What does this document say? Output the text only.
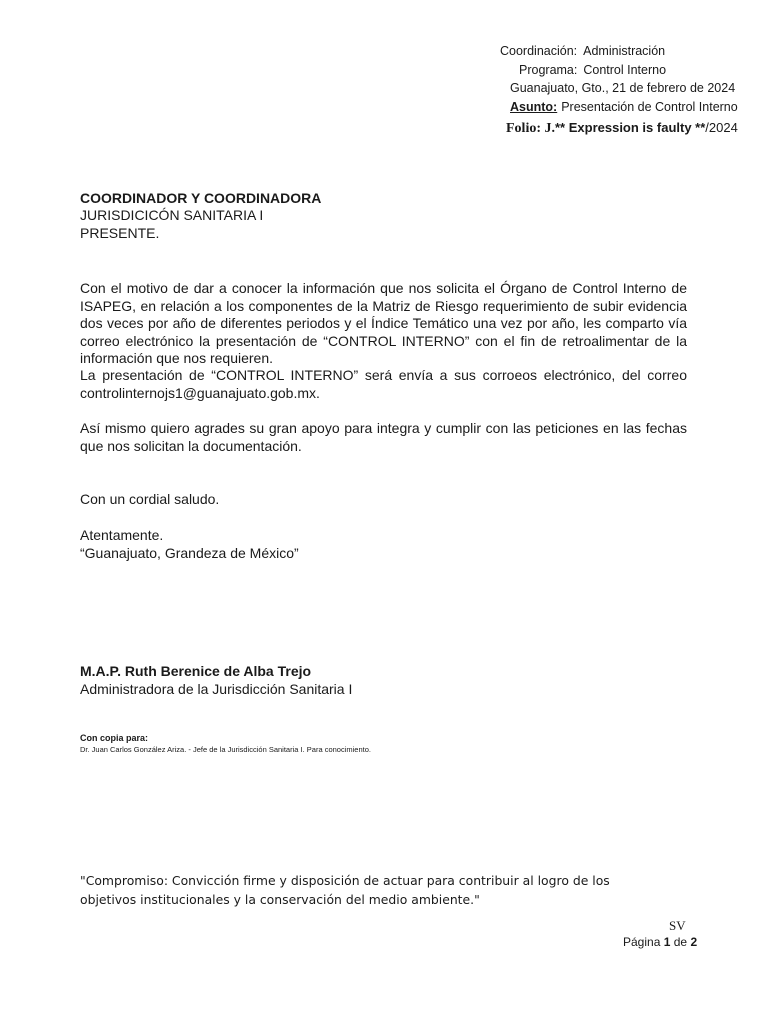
Coordinación: Administración
Programa: Control Interno
Guanajuato, Gto., 21 de febrero de 2024
Asunto: Presentación de Control Interno
Folio: J.** Expression is faulty **/2024
COORDINADOR Y COORDINADORA
JURISDICICÓN SANITARIA I
PRESENTE.

Con el motivo de dar a conocer la información que nos solicita el Órgano de Control Interno de ISAPEG, en relación a los componentes de la Matriz de Riesgo requerimiento de subir evidencia dos veces por año de diferentes periodos y el Índice Temático una vez por año, les comparto vía correo electrónico la presentación de “CONTROL INTERNO” con el fin de retroalimentar de la información que nos requieren.

La presentación de “CONTROL INTERNO” será envía a sus corroeos electrónico, del correo controlinternojs1@guanajuato.gob.mx.

Así mismo quiero agrades su gran apoyo para integra y cumplir con las peticiones en las fechas que nos solicitan la documentación.

Con un cordial saludo.
Atentamente.
“Guanajuato, Grandeza de México”
M.A.P. Ruth Berenice de Alba Trejo
Administradora de la Jurisdicción Sanitaria I
Con copia para:
Dr. Juan Carlos González Ariza. - Jefe de la Jurisdicción Sanitaria I. Para conocimiento.
"Compromiso: Convicción firme y disposición de actuar para contribuir al logro de los objetivos institucionales y la conservación del medio ambiente."
SV
Página 1 de 2
